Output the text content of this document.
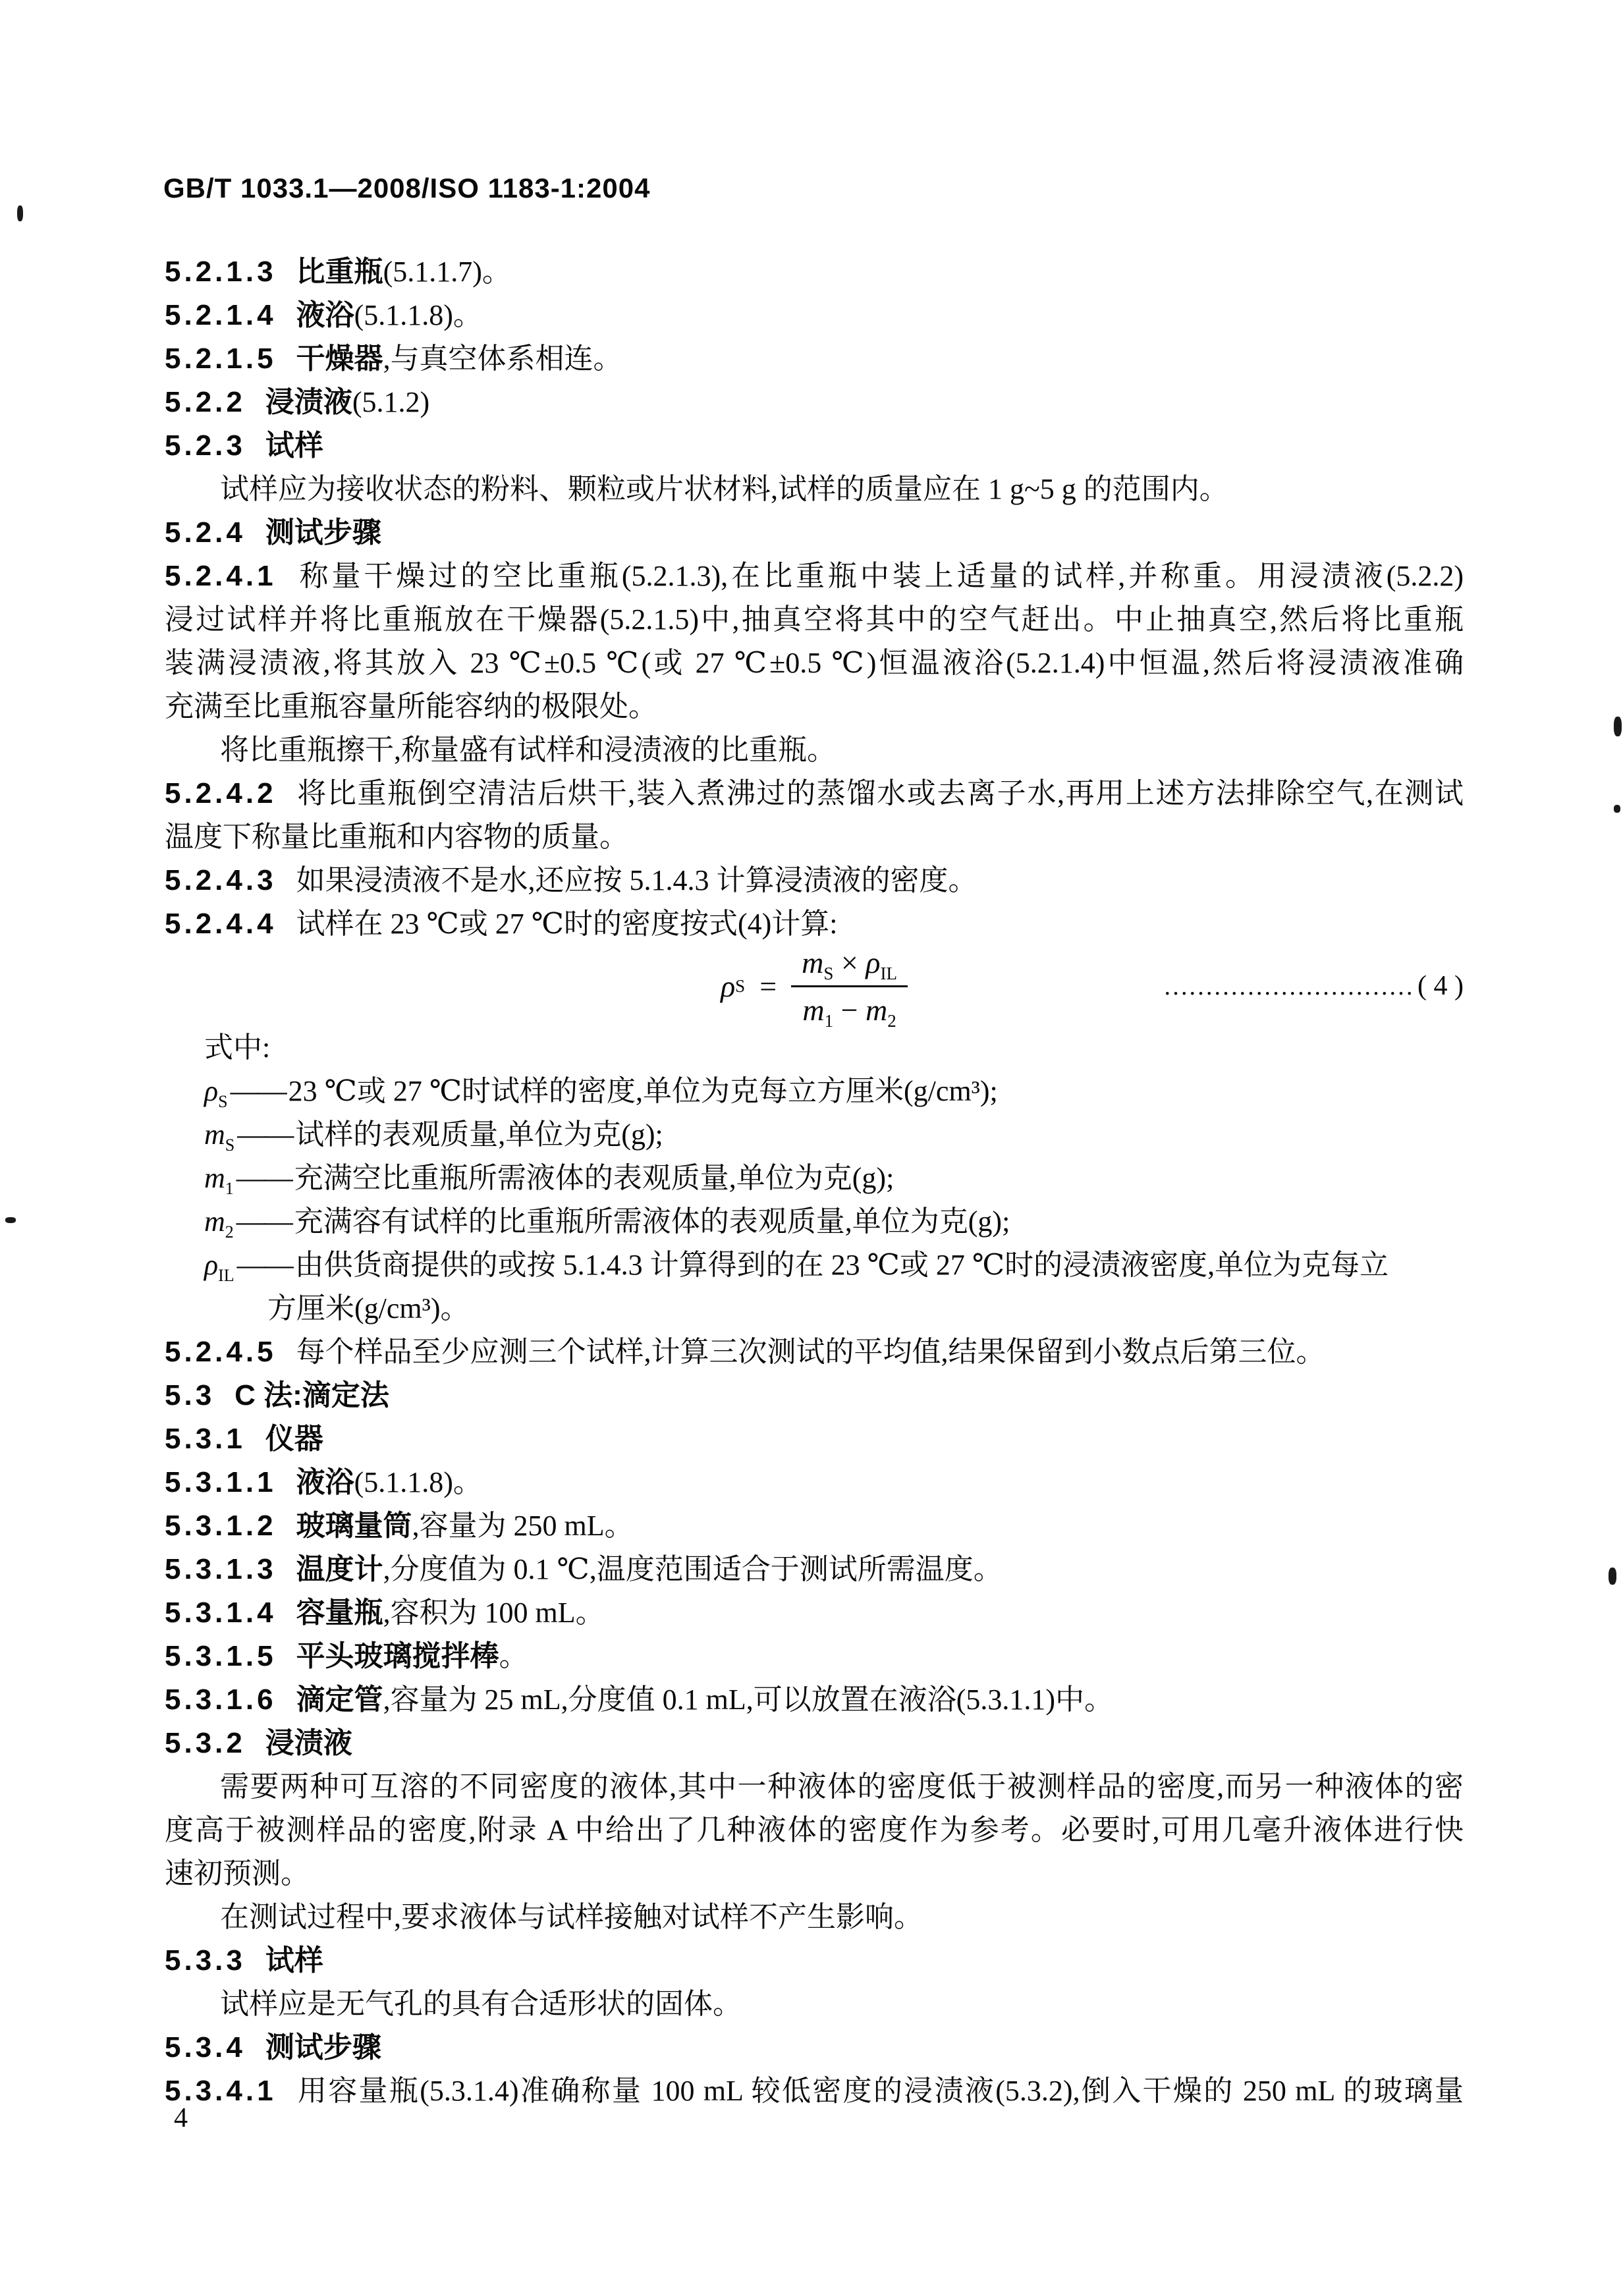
GB/T 1033.1—2008/ISO 1183-1:2004
5.2.1.3 比重瓶(5.1.1.7)。
5.2.1.4 液浴(5.1.1.8)。
5.2.1.5 干燥器,与真空体系相连。
5.2.2 浸渍液(5.1.2)
5.2.3 试样
试样应为接收状态的粉料、颗粒或片状材料,试样的质量应在 1 g~5 g 的范围内。
5.2.4 测试步骤
5.2.4.1 称量干燥过的空比重瓶(5.2.1.3),在比重瓶中装上适量的试样,并称重。用浸渍液(5.2.2)
浸过试样并将比重瓶放在干燥器(5.2.1.5)中,抽真空将其中的空气赶出。中止抽真空,然后将比重瓶
装满浸渍液,将其放入 23 ℃±0.5 ℃(或 27 ℃±0.5 ℃)恒温液浴(5.2.1.4)中恒温,然后将浸渍液准确
充满至比重瓶容量所能容纳的极限处。
将比重瓶擦干,称量盛有试样和浸渍液的比重瓶。
5.2.4.2 将比重瓶倒空清洁后烘干,装入煮沸过的蒸馏水或去离子水,再用上述方法排除空气,在测试
温度下称量比重瓶和内容物的质量。
5.2.4.3 如果浸渍液不是水,还应按 5.1.4.3 计算浸渍液的密度。
5.2.4.4 试样在 23 ℃或 27 ℃时的密度按式(4)计算:
ρ $S = \frac{m_S \times \rho_{IL}}{m_1 - m_2}$	………………………… ( 4 )
式中:
$\rho_S——23$ ℃或 27 ℃时试样的密度,单位为克每立方厘米(g/cm³);
$m_S——$试样的表观质量,单位为克(g);
$m_1——$充满空比重瓶所需液体的表观质量,单位为克(g);
$m_2——$充满容有试样的比重瓶所需液体的表观质量,单位为克(g);
$\rho_{IL}——$由供货商提供的或按 5.1.4.3 计算得到的在 23 ℃或 27 ℃时的浸渍液密度,单位为克每立
方厘米(g/cm³)。
5.2.4.5 每个样品至少应测三个试样,计算三次测试的平均值,结果保留到小数点后第三位。
5.3 C 法:滴定法
5.3.1 仪器
5.3.1.1 液浴(5.1.1.8)。
5.3.1.2 玻璃量筒,容量为 250 mL。
5.3.1.3 温度计,分度值为 0.1 ℃,温度范围适合于测试所需温度。
5.3.1.4 容量瓶,容积为 100 mL。
5.3.1.5 平头玻璃搅拌棒。
5.3.1.6 滴定管,容量为 25 mL,分度值 0.1 mL,可以放置在液浴(5.3.1.1)中。
5.3.2 浸渍液
需要两种可互溶的不同密度的液体,其中一种液体的密度低于被测样品的密度,而另一种液体的密
度高于被测样品的密度,附录 A 中给出了几种液体的密度作为参考。必要时,可用几毫升液体进行快
速初预测。
在测试过程中,要求液体与试样接触对试样不产生影响。
5.3.3 试样
试样应是无气孔的具有合适形状的固体。
5.3.4 测试步骤
5.3.4.1 用容量瓶(5.3.1.4)准确称量 100 mL 较低密度的浸渍液(5.3.2),倒入干燥的 250 mL 的玻璃量
4
